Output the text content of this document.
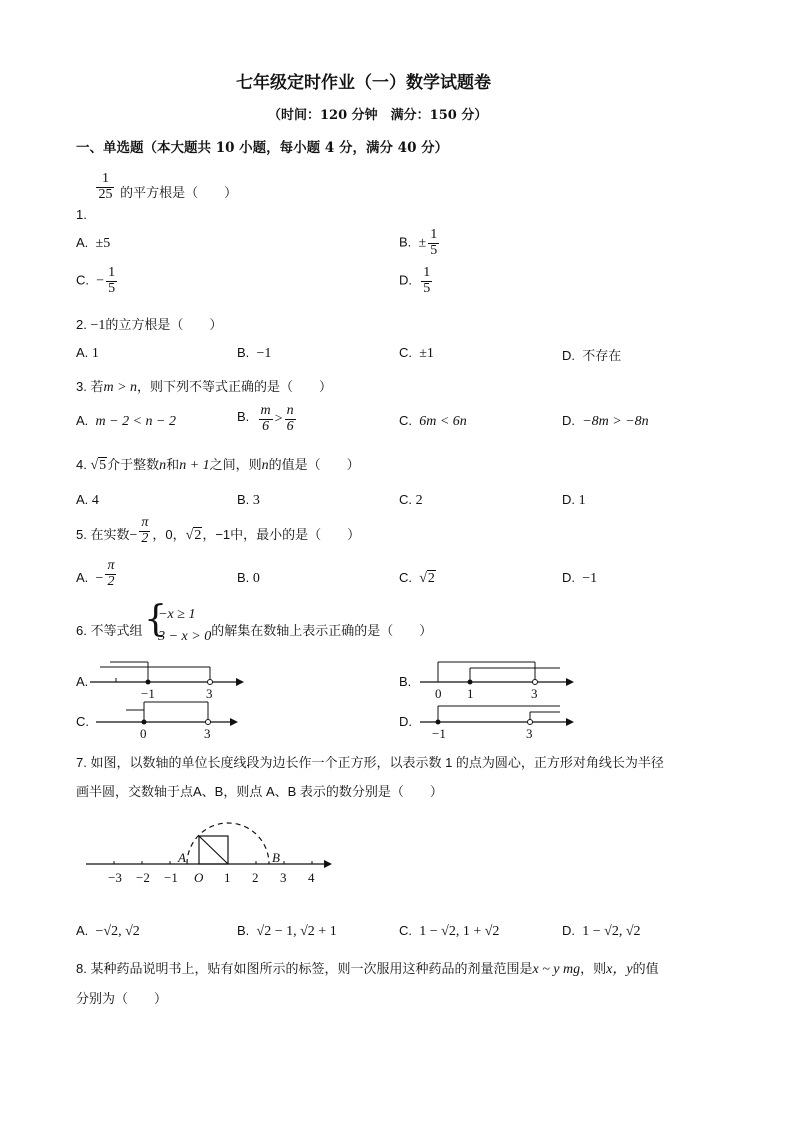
七年级定时作业（一）数学试题卷
（时间：120 分钟　满分：150 分）
一、单选题（本大题共 10 小题，每小题 4 分，满分 40 分）
1.
$\frac{1}{25}$ 的平方根是（　　）
A. ±5	B. ± $\frac{1}{5}$
C. − $\frac{1}{5}$	D. $\frac{1}{5}$
2. −1的立方根是（　　）
A. 1	B. −1	C. ±1	D. 不存在
3. 若m > n，则下列不等式正确的是（　　）
A. m − 2 < n − 2	B. $\frac{m}{6} > \frac{n}{6}$	C. 6m < 6n	D. −8m > −8n
4. √5介于整数n和n + 1之间，则n的值是（　　）
A. 4	B. 3	C. 2	D. 1
5. 在实数− $\frac{\pi}{2}$ ，0，√2，−1中，最小的是（　　）
A. − $\frac{\pi}{2}$	B. 0	C. √2	D. −1
6. 不等式组 {
−x ≥ 1
3 − x > 0 的解集在数轴上表示正确的是（　　）
A.
−1	3
B.
0 1	3
C.
0	3
D.
−1	3
7. 如图，以数轴的单位长度线段为边长作一个正方形，以表示数 1 的点为圆心，正方形对角线长为半径
画半圆，交数轴于点A、B，则点 A、B 表示的数分别是（　　）
−3 −2 −1 O 1 2 3 4
A	B
A. −√2, √2	B. √2 − 1, √2 + 1	C. 1 − √2, 1 + √2	D. 1 − √2, √2
8. 某种药品说明书上，贴有如图所示的标签，则一次服用这种药品的剂量范围是x ~ y mg，则x，y的值
分别为（　　）
